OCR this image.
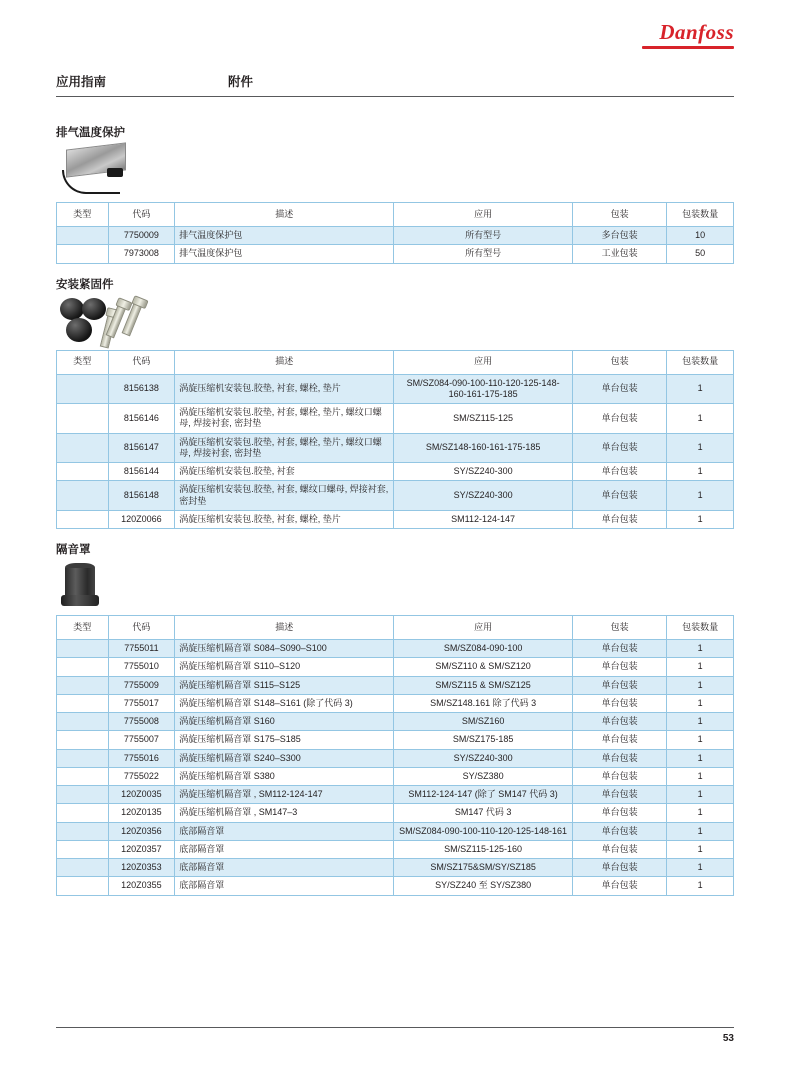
Danfoss
应用指南	附件
排气温度保护
类型	代码	描述	应用	包装	包装数量
	7750009	排气温度保护包	所有型号	多台包装	10
	7973008	排气温度保护包	所有型号	工业包装	50
安装紧固件
类型	代码	描述	应用	包装	包装数量
	8156138	涡旋压缩机安装包.胶垫, 衬套, 螺栓, 垫片	SM/SZ084-090-100-110-120-125-148-160-161-175-185	单台包装	1
	8156146	涡旋压缩机安装包.胶垫, 衬套, 螺栓, 垫片, 螺纹口螺母, 焊接衬套, 密封垫	SM/SZ115-125	单台包装	1
	8156147	涡旋压缩机安装包.胶垫, 衬套, 螺栓, 垫片, 螺纹口螺母, 焊接衬套, 密封垫	SM/SZ148-160-161-175-185	单台包装	1
	8156144	涡旋压缩机安装包.胶垫, 衬套	SY/SZ240-300	单台包装	1
	8156148	涡旋压缩机安装包.胶垫, 衬套, 螺纹口螺母, 焊接衬套, 密封垫	SY/SZ240-300	单台包装	1
	120Z0066	涡旋压缩机安装包.胶垫, 衬套, 螺栓, 垫片	SM112-124-147	单台包装	1
隔音罩
类型	代码	描述	应用	包装	包装数量
	7755011	涡旋压缩机隔音罩 S084–S090–S100	SM/SZ084-090-100	单台包装	1
	7755010	涡旋压缩机隔音罩 S110–S120	SM/SZ110 & SM/SZ120	单台包装	1
	7755009	涡旋压缩机隔音罩 S115–S125	SM/SZ115 & SM/SZ125	单台包装	1
	7755017	涡旋压缩机隔音罩 S148–S161 (除了代码 3)	SM/SZ148.161 除了代码 3	单台包装	1
	7755008	涡旋压缩机隔音罩 S160	SM/SZ160	单台包装	1
	7755007	涡旋压缩机隔音罩 S175–S185	SM/SZ175-185	单台包装	1
	7755016	涡旋压缩机隔音罩 S240–S300	SY/SZ240-300	单台包装	1
	7755022	涡旋压缩机隔音罩 S380	SY/SZ380	单台包装	1
	120Z0035	涡旋压缩机隔音罩 , SM112-124-147	SM112-124-147 (除了 SM147 代码 3)	单台包装	1
	120Z0135	涡旋压缩机隔音罩 , SM147–3	SM147 代码 3	单台包装	1
	120Z0356	底部隔音罩	SM/SZ084-090-100-110-120-125-148-161	单台包装	1
	120Z0357	底部隔音罩	SM/SZ115-125-160	单台包装	1
	120Z0353	底部隔音罩	SM/SZ175&SM/SY/SZ185	单台包装	1
	120Z0355	底部隔音罩	SY/SZ240 至 SY/SZ380	单台包装	1
53
